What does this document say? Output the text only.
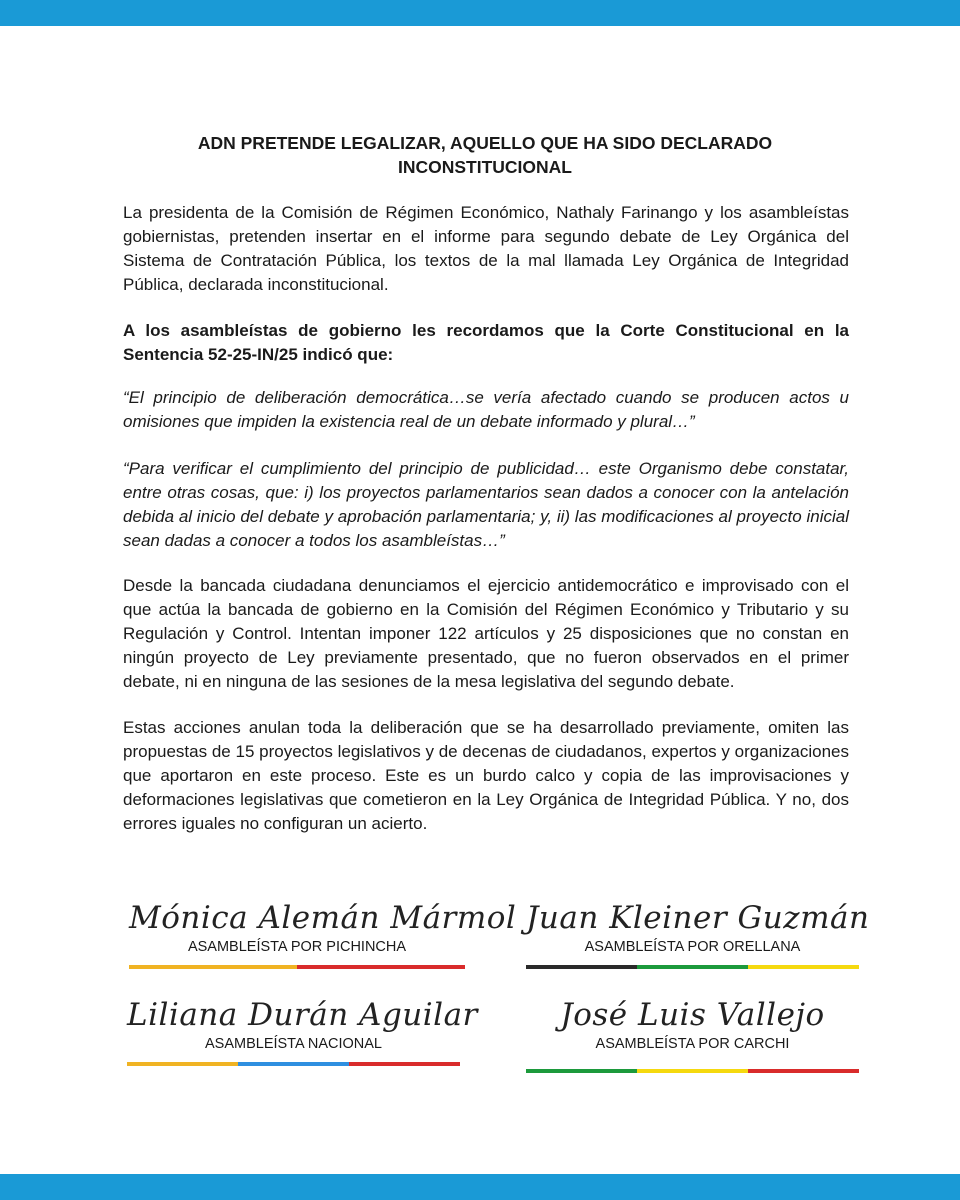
ADN PRETENDE LEGALIZAR, AQUELLO QUE HA SIDO DECLARADO INCONSTITUCIONAL

La presidenta de la Comisión de Régimen Económico, Nathaly Farinango y los asambleístas gobiernistas, pretenden insertar en el informe para segundo debate de Ley Orgánica del Sistema de Contratación Pública, los textos de la mal llamada Ley Orgánica de Integridad Pública, declarada inconstitucional.

A los asambleístas de gobierno les recordamos que la Corte Constitucional en la Sentencia 52-25-IN/25 indicó que:

“El principio de deliberación democrática…se vería afectado cuando se producen actos u omisiones que impiden la existencia real de un debate informado y plural…”

“Para verificar el cumplimiento del principio de publicidad… este Organismo debe constatar, entre otras cosas, que: i) los proyectos parlamentarios sean dados a conocer con la antelación debida al inicio del debate y aprobación parlamentaria; y, ii) las modificaciones al proyecto inicial sean dadas a conocer a todos los asambleístas…”

Desde la bancada ciudadana denunciamos el ejercicio antidemocrático e improvisado con el que actúa la bancada de gobierno en la Comisión del Régimen Económico y Tributario y su Regulación y Control. Intentan imponer 122 artículos y 25 disposiciones que no constan en ningún proyecto de Ley previamente presentado, que no fueron observados en el primer debate, ni en ninguna de las sesiones de la mesa legislativa del segundo debate.

Estas acciones anulan toda la deliberación que se ha desarrollado previamente, omiten las propuestas de 15 proyectos legislativos y de decenas de ciudadanos, expertos y organizaciones que aportaron en este proceso. Este es un burdo calco y copia de las improvisaciones y deformaciones legislativas que cometieron en la Ley Orgánica de Integridad Pública. Y no, dos errores iguales no configuran un acierto.

Mónica Alemán Mármol
ASAMBLEÍSTA POR PICHINCHA
Juan Kleiner Guzmán
ASAMBLEÍSTA POR ORELLANA
Liliana Durán Aguilar
ASAMBLEÍSTA NACIONAL
José Luis Vallejo
ASAMBLEÍSTA POR CARCHI
